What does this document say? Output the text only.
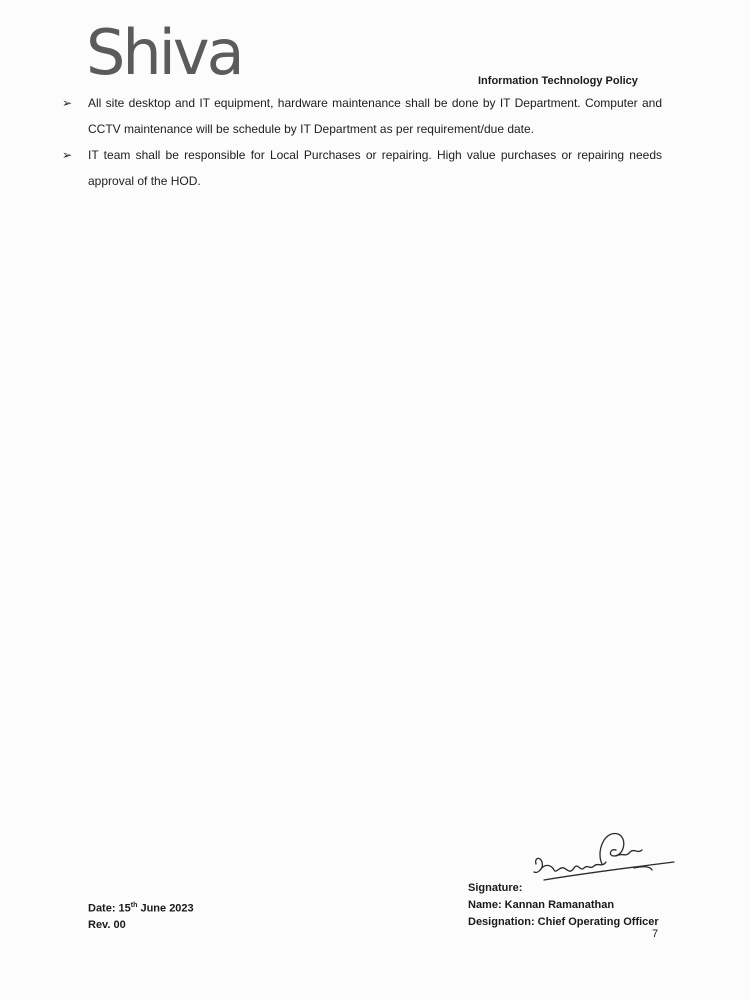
Shiva	Information Technology Policy
➢ All site desktop and IT equipment, hardware maintenance shall be done by IT Department. Computer and CCTV maintenance will be schedule by IT Department as per requirement/due date.
➢ IT team shall be responsible for Local Purchases or repairing. High value purchases or repairing needs approval of the HOD.
Date: 15th June 2023
Rev. 00
Signature:
Name: Kannan Ramanathan
Designation: Chief Operating Officer
7
